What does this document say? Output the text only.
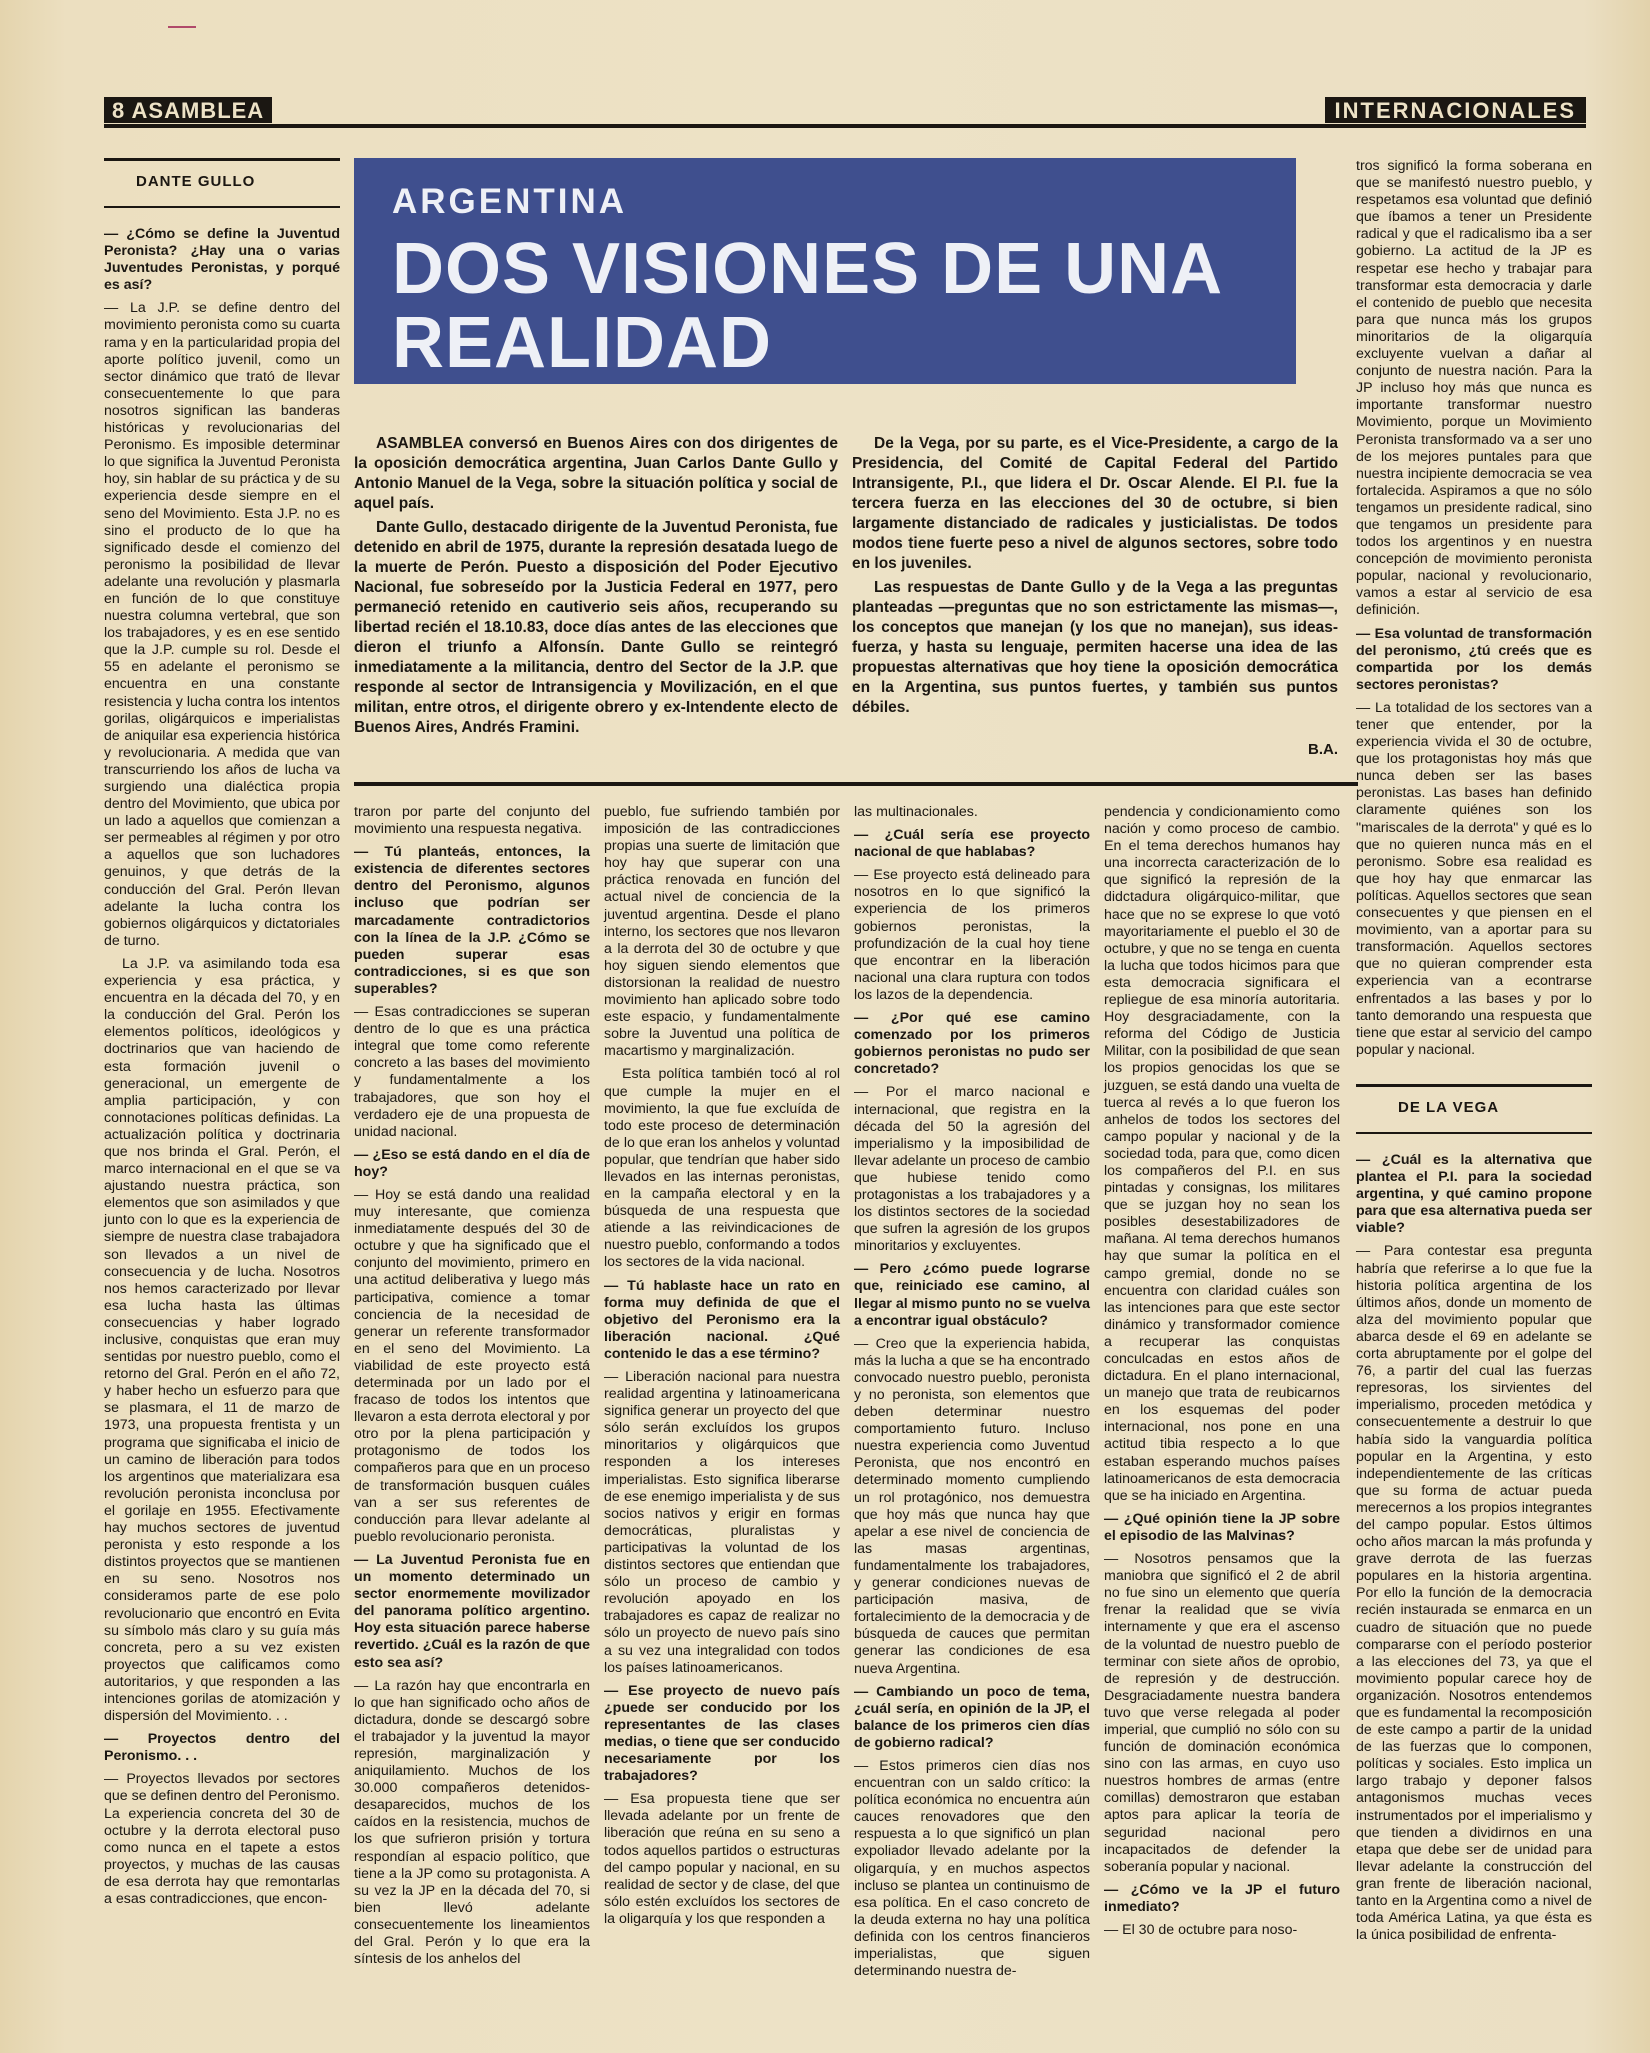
8 ASAMBLEA	INTERNACIONALES
DANTE GULLO

— ¿Cómo se define la Juventud Peronista? ¿Hay una o varias Juventudes Peronistas, y porqué es así?

— La J.P. se define dentro del movimiento peronista como su cuarta rama y en la particularidad propia del aporte político juvenil, como un sector dinámico que trató de llevar consecuentemente lo que para nosotros significan las banderas históricas y revolucionarias del Peronismo. Es imposible determinar lo que significa la Juventud Peronista hoy, sin hablar de su práctica y de su experiencia desde siempre en el seno del Movimiento. Esta J.P. no es sino el producto de lo que ha significado desde el comienzo del peronismo la posibilidad de llevar adelante una revolución y plasmarla en función de lo que constituye nuestra columna vertebral, que son los trabajadores, y es en ese sentido que la J.P. cumple su rol. Desde el 55 en adelante el peronismo se encuentra en una constante resistencia y lucha contra los intentos gorilas, oligárquicos e imperialistas de aniquilar esa experiencia histórica y revolucionaria. A medida que van transcurriendo los años de lucha va surgiendo una dialéctica propia dentro del Movimiento, que ubica por un lado a aquellos que comienzan a ser permeables al régimen y por otro a aquellos que son luchadores genuinos, y que detrás de la conducción del Gral. Perón llevan adelante la lucha contra los gobiernos oligárquicos y dictatoriales de turno.

La J.P. va asimilando toda esa experiencia y esa práctica, y encuentra en la década del 70, y en la conducción del Gral. Perón los elementos políticos, ideológicos y doctrinarios que van haciendo de esta formación juvenil o generacional, un emergente de amplia participación, y con connotaciones políticas definidas. La actualización política y doctrinaria que nos brinda el Gral. Perón, el marco internacional en el que se va ajustando nuestra práctica, son elementos que son asimilados y que junto con lo que es la experiencia de siempre de nuestra clase trabajadora son llevados a un nivel de consecuencia y de lucha. Nosotros nos hemos caracterizado por llevar esa lucha hasta las últimas consecuencias y haber logrado inclusive, conquistas que eran muy sentidas por nuestro pueblo, como el retorno del Gral. Perón en el año 72, y haber hecho un esfuerzo para que se plasmara, el 11 de marzo de 1973, una propuesta frentista y un programa que significaba el inicio de un camino de liberación para todos los argentinos que materializara esa revolución peronista inconclusa por el gorilaje en 1955. Efectivamente hay muchos sectores de juventud peronista y esto responde a los distintos proyectos que se mantienen en su seno. Nosotros nos consideramos parte de ese polo revolucionario que encontró en Evita su símbolo más claro y su guía más concreta, pero a su vez existen proyectos que calificamos como autoritarios, y que responden a las intenciones gorilas de atomización y dispersión del Movimiento. . .

— Proyectos dentro del Peronismo. . .

— Proyectos llevados por sectores que se definen dentro del Peronismo. La experiencia concreta del 30 de octubre y la derrota electoral puso como nunca en el tapete a estos proyectos, y muchas de las causas de esa derrota hay que remontarlas a esas contradicciones, que encon-

ARGENTINA
DOS VISIONES DE UNA REALIDAD

ASAMBLEA conversó en Buenos Aires con dos dirigentes de la oposición democrática argentina, Juan Carlos Dante Gullo y Antonio Manuel de la Vega, sobre la situación política y social de aquel país.

Dante Gullo, destacado dirigente de la Juventud Peronista, fue detenido en abril de 1975, durante la represión desatada luego de la muerte de Perón. Puesto a disposición del Poder Ejecutivo Nacional, fue sobreseído por la Justicia Federal en 1977, pero permaneció retenido en cautiverio seis años, recuperando su libertad recién el 18.10.83, doce días antes de las elecciones que dieron el triunfo a Alfonsín. Dante Gullo se reintegró inmediatamente a la militancia, dentro del Sector de la J.P. que responde al sector de Intransigencia y Movilización, en el que militan, entre otros, el dirigente obrero y ex-Intendente electo de Buenos Aires, Andrés Framini.

De la Vega, por su parte, es el Vice-Presidente, a cargo de la Presidencia, del Comité de Capital Federal del Partido Intransigente, P.I., que lidera el Dr. Oscar Alende. El P.I. fue la tercera fuerza en las elecciones del 30 de octubre, si bien largamente distanciado de radicales y justicialistas. De todos modos tiene fuerte peso a nivel de algunos sectores, sobre todo en los juveniles.

Las respuestas de Dante Gullo y de la Vega a las preguntas planteadas —preguntas que no son estrictamente las mismas—, los conceptos que manejan (y los que no manejan), sus ideas-fuerza, y hasta su lenguaje, permiten hacerse una idea de las propuestas alternativas que hoy tiene la oposición democrática en la Argentina, sus puntos fuertes, y también sus puntos débiles.

B.A.

traron por parte del conjunto del movimiento una respuesta negativa.

— Tú planteás, entonces, la existencia de diferentes sectores dentro del Peronismo, algunos incluso que podrían ser marcadamente contradictorios con la línea de la J.P. ¿Cómo se pueden superar esas contradicciones, si es que son superables?

— Esas contradicciones se superan dentro de lo que es una práctica integral que tome como referente concreto a las bases del movimiento y fundamentalmente a los trabajadores, que son hoy el verdadero eje de una propuesta de unidad nacional.

— ¿Eso se está dando en el día de hoy?

— Hoy se está dando una realidad muy interesante, que comienza inmediatamente después del 30 de octubre y que ha significado que el conjunto del movimiento, primero en una actitud deliberativa y luego más participativa, comience a tomar conciencia de la necesidad de generar un referente transformador en el seno del Movimiento. La viabilidad de este proyecto está determinada por un lado por el fracaso de todos los intentos que llevaron a esta derrota electoral y por otro por la plena participación y protagonismo de todos los compañeros para que en un proceso de transformación busquen cuáles van a ser sus referentes de conducción para llevar adelante al pueblo revolucionario peronista.

— La Juventud Peronista fue en un momento determinado un sector enormemente movilizador del panorama político argentino. Hoy esta situación parece haberse revertido. ¿Cuál es la razón de que esto sea así?

— La razón hay que encontrarla en lo que han significado ocho años de dictadura, donde se descargó sobre el trabajador y la juventud la mayor represión, marginalización y aniquilamiento. Muchos de los 30.000 compañeros detenidos-desaparecidos, muchos de los caídos en la resistencia, muchos de los que sufrieron prisión y tortura respondían al espacio político, que tiene a la JP como su protagonista. A su vez la JP en la década del 70, si bien llevó adelante consecuentemente los lineamientos del Gral. Perón y lo que era la síntesis de los anhelos del

pueblo, fue sufriendo también por imposición de las contradicciones propias una suerte de limitación que hoy hay que superar con una práctica renovada en función del actual nivel de conciencia de la juventud argentina. Desde el plano interno, los sectores que nos llevaron a la derrota del 30 de octubre y que hoy siguen siendo elementos que distorsionan la realidad de nuestro movimiento han aplicado sobre todo este espacio, y fundamentalmente sobre la Juventud una política de macartismo y marginalización.

Esta política también tocó al rol que cumple la mujer en el movimiento, la que fue excluída de todo este proceso de determinación de lo que eran los anhelos y voluntad popular, que tendrían que haber sido llevados en las internas peronistas, en la campaña electoral y en la búsqueda de una respuesta que atiende a las reivindicaciones de nuestro pueblo, conformando a todos los sectores de la vida nacional.

— Tú hablaste hace un rato en forma muy definida de que el objetivo del Peronismo era la liberación nacional. ¿Qué contenido le das a ese término?

— Liberación nacional para nuestra realidad argentina y latinoamericana significa generar un proyecto del que sólo serán excluídos los grupos minoritarios y oligárquicos que responden a los intereses imperialistas. Esto significa liberarse de ese enemigo imperialista y de sus socios nativos y erigir en formas democráticas, pluralistas y participativas la voluntad de los distintos sectores que entiendan que sólo un proceso de cambio y revolución apoyado en los trabajadores es capaz de realizar no sólo un proyecto de nuevo país sino a su vez una integralidad con todos los países latinoamericanos.

— Ese proyecto de nuevo país ¿puede ser conducido por los representantes de las clases medias, o tiene que ser conducido necesariamente por los trabajadores?

— Esa propuesta tiene que ser llevada adelante por un frente de liberación que reúna en su seno a todos aquellos partidos o estructuras del campo popular y nacional, en su realidad de sector y de clase, del que sólo estén excluídos los sectores de la oligarquía y los que responden a

las multinacionales.

— ¿Cuál sería ese proyecto nacional de que hablabas?

— Ese proyecto está delineado para nosotros en lo que significó la experiencia de los primeros gobiernos peronistas, la profundización de la cual hoy tiene que encontrar en la liberación nacional una clara ruptura con todos los lazos de la dependencia.

— ¿Por qué ese camino comenzado por los primeros gobiernos peronistas no pudo ser concretado?

— Por el marco nacional e internacional, que registra en la década del 50 la agresión del imperialismo y la imposibilidad de llevar adelante un proceso de cambio que hubiese tenido como protagonistas a los trabajadores y a los distintos sectores de la sociedad que sufren la agresión de los grupos minoritarios y excluyentes.

— Pero ¿cómo puede lograrse que, reiniciado ese camino, al llegar al mismo punto no se vuelva a encontrar igual obstáculo?

— Creo que la experiencia habida, más la lucha a que se ha encontrado convocado nuestro pueblo, peronista y no peronista, son elementos que deben determinar nuestro comportamiento futuro. Incluso nuestra experiencia como Juventud Peronista, que nos encontró en determinado momento cumpliendo un rol protagónico, nos demuestra que hoy más que nunca hay que apelar a ese nivel de conciencia de las masas argentinas, fundamentalmente los trabajadores, y generar condiciones nuevas de participación masiva, de fortalecimiento de la democracia y de búsqueda de cauces que permitan generar las condiciones de esa nueva Argentina.

— Cambiando un poco de tema, ¿cuál sería, en opinión de la JP, el balance de los primeros cien días de gobierno radical?

— Estos primeros cien días nos encuentran con un saldo crítico: la política económica no encuentra aún cauces renovadores que den respuesta a lo que significó un plan expoliador llevado adelante por la oligarquía, y en muchos aspectos incluso se plantea un continuismo de esa política. En el caso concreto de la deuda externa no hay una política definida con los centros financieros imperialistas, que siguen determinando nuestra de-

pendencia y condicionamiento como nación y como proceso de cambio. En el tema derechos humanos hay una incorrecta caracterización de lo que significó la represión de la didctadura oligárquico-militar, que hace que no se exprese lo que votó mayoritariamente el pueblo el 30 de octubre, y que no se tenga en cuenta la lucha que todos hicimos para que esta democracia significara el repliegue de esa minoría autoritaria. Hoy desgraciadamente, con la reforma del Código de Justicia Militar, con la posibilidad de que sean los propios genocidas los que se juzguen, se está dando una vuelta de tuerca al revés a lo que fueron los anhelos de todos los sectores del campo popular y nacional y de la sociedad toda, para que, como dicen los compañeros del P.I. en sus pintadas y consignas, los militares que se juzgan hoy no sean los posibles desestabilizadores de mañana. Al tema derechos humanos hay que sumar la política en el campo gremial, donde no se encuentra con claridad cuáles son las intenciones para que este sector dinámico y transformador comience a recuperar las conquistas conculcadas en estos años de dictadura. En el plano internacional, un manejo que trata de reubicarnos en los esquemas del poder internacional, nos pone en una actitud tibia respecto a lo que estaban esperando muchos países latinoamericanos de esta democracia que se ha iniciado en Argentina.

— ¿Qué opinión tiene la JP sobre el episodio de las Malvinas?

— Nosotros pensamos que la maniobra que significó el 2 de abril no fue sino un elemento que quería frenar la realidad que se vivía internamente y que era el ascenso de la voluntad de nuestro pueblo de terminar con siete años de oprobio, de represión y de destrucción. Desgraciadamente nuestra bandera tuvo que verse relegada al poder imperial, que cumplió no sólo con su función de dominación económica sino con las armas, en cuyo uso nuestros hombres de armas (entre comillas) demostraron que estaban aptos para aplicar la teoría de seguridad nacional pero incapacitados de defender la soberanía popular y nacional.

— ¿Cómo ve la JP el futuro inmediato?

— El 30 de octubre para noso-

tros significó la forma soberana en que se manifestó nuestro pueblo, y respetamos esa voluntad que definió que íbamos a tener un Presidente radical y que el radicalismo iba a ser gobierno. La actitud de la JP es respetar ese hecho y trabajar para transformar esta democracia y darle el contenido de pueblo que necesita para que nunca más los grupos minoritarios de la oligarquía excluyente vuelvan a dañar al conjunto de nuestra nación. Para la JP incluso hoy más que nunca es importante transformar nuestro Movimiento, porque un Movimiento Peronista transformado va a ser uno de los mejores puntales para que nuestra incipiente democracia se vea fortalecida. Aspiramos a que no sólo tengamos un presidente radical, sino que tengamos un presidente para todos los argentinos y en nuestra concepción de movimiento peronista popular, nacional y revolucionario, vamos a estar al servicio de esa definición.

— Esa voluntad de transformación del peronismo, ¿tú creés que es compartida por los demás sectores peronistas?

— La totalidad de los sectores van a tener que entender, por la experiencia vivida el 30 de octubre, que los protagonistas hoy más que nunca deben ser las bases peronistas. Las bases han definido claramente quiénes son los "mariscales de la derrota" y qué es lo que no quieren nunca más en el peronismo. Sobre esa realidad es que hoy hay que enmarcar las políticas. Aquellos sectores que sean consecuentes y que piensen en el movimiento, van a aportar para su transformación. Aquellos sectores que no quieran comprender esta experiencia van a econtrarse enfrentados a las bases y por lo tanto demorando una respuesta que tiene que estar al servicio del campo popular y nacional.

DE LA VEGA

— ¿Cuál es la alternativa que plantea el P.I. para la sociedad argentina, y qué camino propone para que esa alternativa pueda ser viable?

— Para contestar esa pregunta habría que referirse a lo que fue la historia política argentina de los últimos años, donde un momento de alza del movimiento popular que abarca desde el 69 en adelante se corta abruptamente por el golpe del 76, a partir del cual las fuerzas represoras, los sirvientes del imperialismo, proceden metódica y consecuentemente a destruir lo que había sido la vanguardia política popular en la Argentina, y esto independientemente de las críticas que su forma de actuar pueda merecernos a los propios integrantes del campo popular. Estos últimos ocho años marcan la más profunda y grave derrota de las fuerzas populares en la historia argentina. Por ello la función de la democracia recién instaurada se enmarca en un cuadro de situación que no puede compararse con el período posterior a las elecciones del 73, ya que el movimiento popular carece hoy de organización. Nosotros entendemos que es fundamental la recomposición de este campo a partir de la unidad de las fuerzas que lo componen, políticas y sociales. Esto implica un largo trabajo y deponer falsos antagonismos muchas veces instrumentados por el imperialismo y que tienden a dividirnos en una etapa que debe ser de unidad para llevar adelante la construcción del gran frente de liberación nacional, tanto en la Argentina como a nivel de toda América Latina, ya que ésta es la única posibilidad de enfrenta-
